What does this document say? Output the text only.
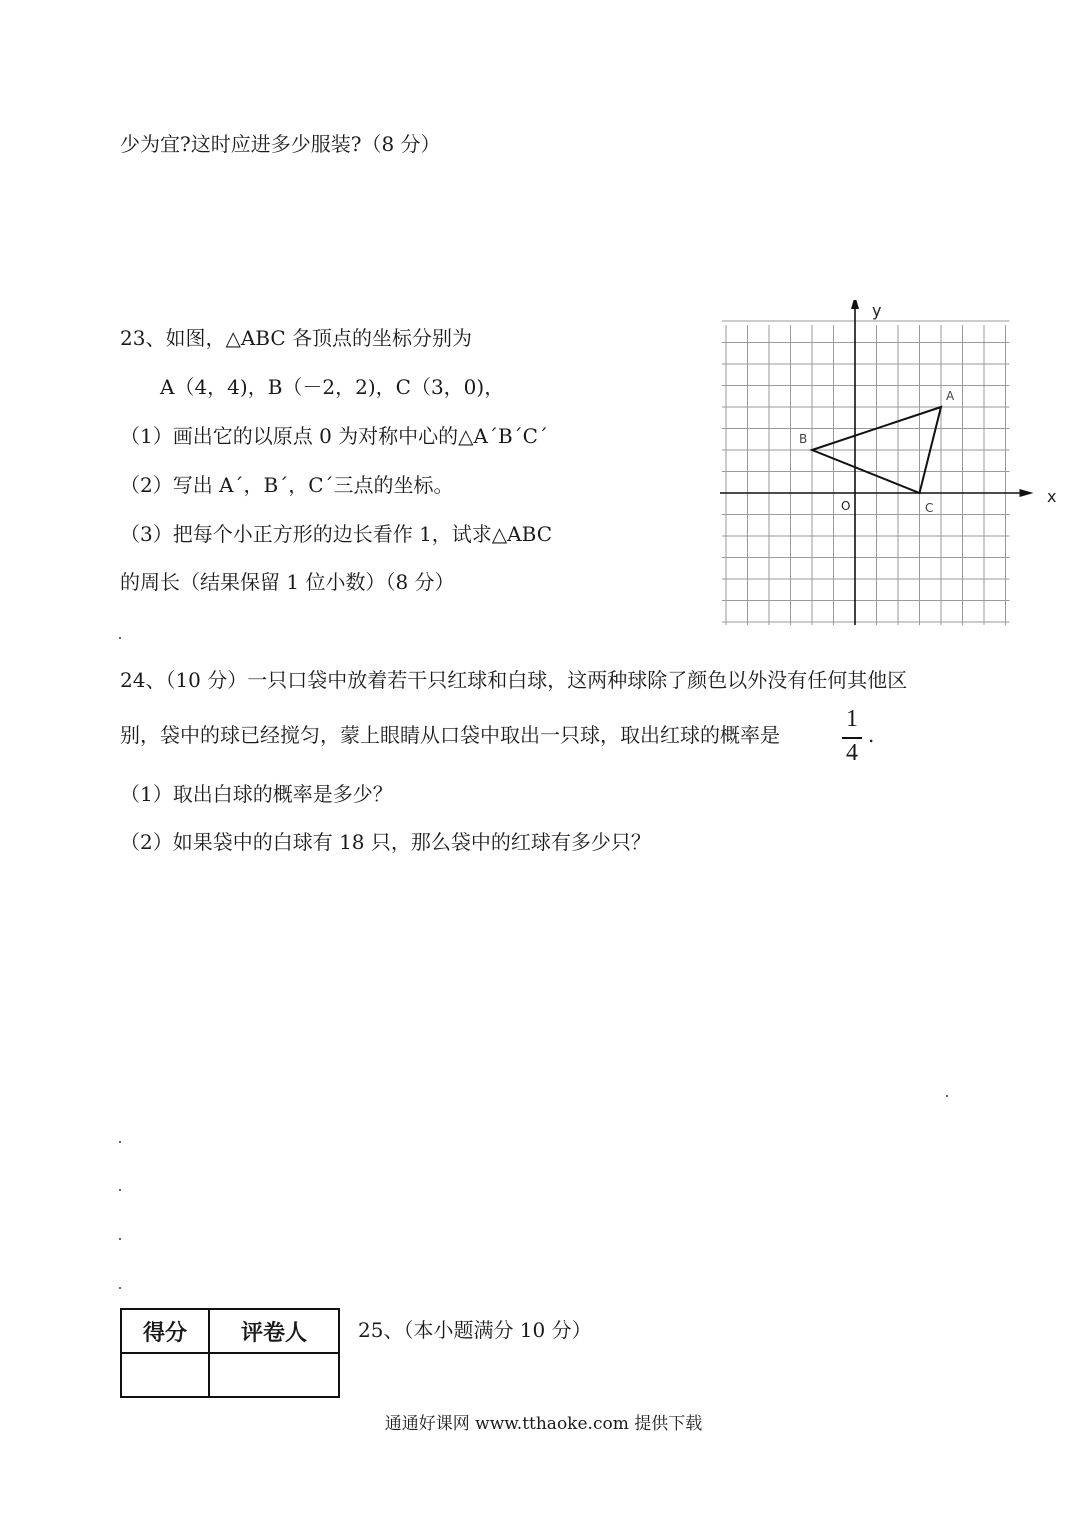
少为宜?这时应进多少服装?（8 分）
23、如图，△ABC 各顶点的坐标分别为
A（4，4)，B（－2，2)，C（3，0)，
（1）画出它的以原点 0 为对称中心的△A´B´C´
（2）写出 A´，B´，C´三点的坐标。
（3）把每个小正方形的边长看作 1，试求△ABC
的周长（结果保留 1 位小数）（8 分）
y
x
O
A
B
C
24、（10 分）一只口袋中放着若干只红球和白球，这两种球除了颜色以外没有任何其他区
别，袋中的球已经搅匀，蒙上眼睛从口袋中取出一只球，取出红球的概率是
1
4
.
（1）取出白球的概率是多少？
（2）如果袋中的白球有 18 只，那么袋中的红球有多少只？
得分	评卷人
		25、（本小题满分 10 分）
通通好课网 www.tthaoke.com 提供下载
